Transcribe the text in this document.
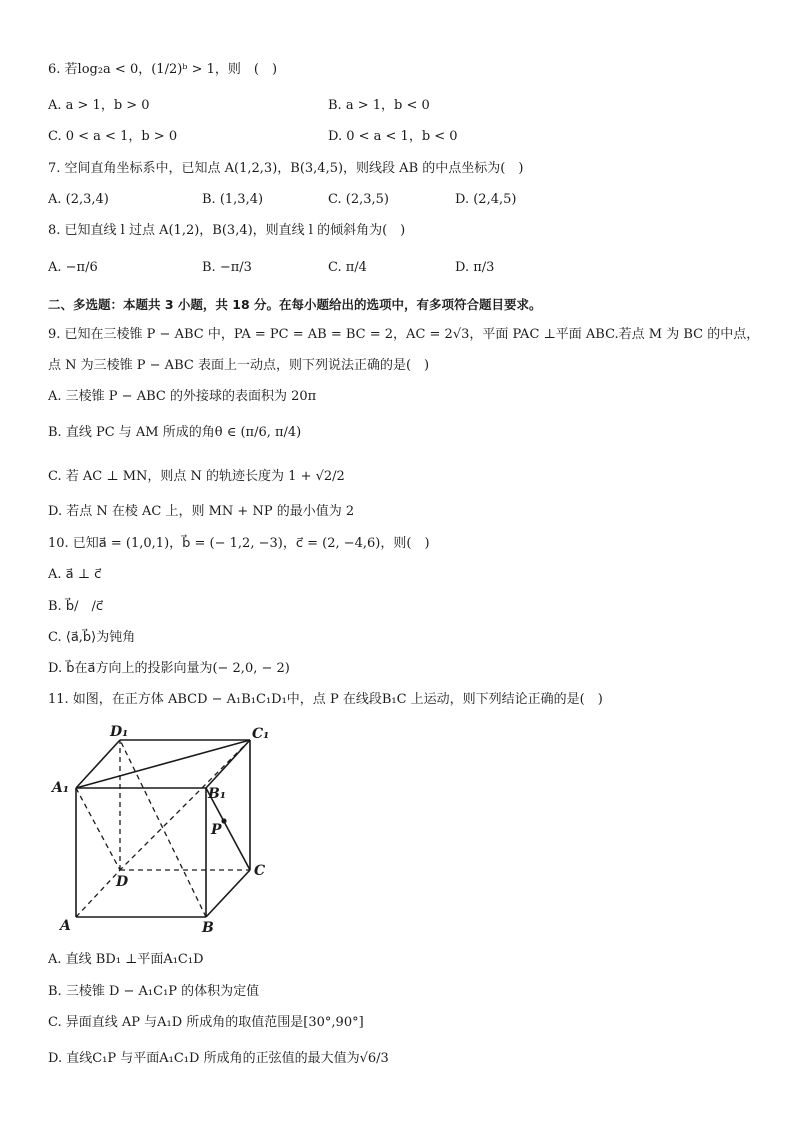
6. 若log₂a < 0，(1/2)ᵇ > 1，则　(　)
A. a > 1，b > 0	B. a > 1，b < 0
C. 0 < a < 1，b > 0	D. 0 < a < 1，b < 0
7. 空间直角坐标系中，已知点 A(1,2,3)，B(3,4,5)，则线段 AB 的中点坐标为(　)
A. (2,3,4)	B. (1,3,4)	C. (2,3,5)	D. (2,4,5)
8. 已知直线 l 过点 A(1,2)，B(3,4)，则直线 l 的倾斜角为(　)
A. −π/6	B. −π/3	C. π/4	D. π/3
二、多选题：本题共 3 小题，共 18 分。在每小题给出的选项中，有多项符合题目要求。
9. 已知在三棱锥 P − ABC 中，PA = PC = AB = BC = 2，AC = 2√3，平面 PAC ⊥平面 ABC.若点 M 为 BC 的中点，
点 N 为三棱锥 P − ABC 表面上一动点，则下列说法正确的是(　)
A. 三棱锥 P − ABC 的外接球的表面积为 20π
B. 直线 PC 与 AM 所成的角θ ∈ (π/6, π/4)
C. 若 AC ⊥ MN，则点 N 的轨迹长度为 1 + √2/2
D. 若点 N 在棱 AC 上，则 MN + NP 的最小值为 2
10. 已知a⃗ = (1,0,1)，b⃗ = (− 1,2, −3)，c⃗ = (2, −4,6)，则(　)
A. a⃗ ⊥ c⃗
B. b⃗/　/c⃗
C. ⟨a⃗,b⃗⟩为钝角
D. b⃗在a⃗方向上的投影向量为(− 2,0, − 2)
11. 如图，在正方体 ABCD − A₁B₁C₁D₁中，点 P 在线段B₁C 上运动，则下列结论正确的是(　)
A	B
C
D
A₁	B₁
C₁
D₁
P
A. 直线 BD₁ ⊥平面A₁C₁D
B. 三棱锥 D − A₁C₁P 的体积为定值
C. 异面直线 AP 与A₁D 所成角的取值范围是[30°,90°]
D. 直线C₁P 与平面A₁C₁D 所成角的正弦值的最大值为√6/3
